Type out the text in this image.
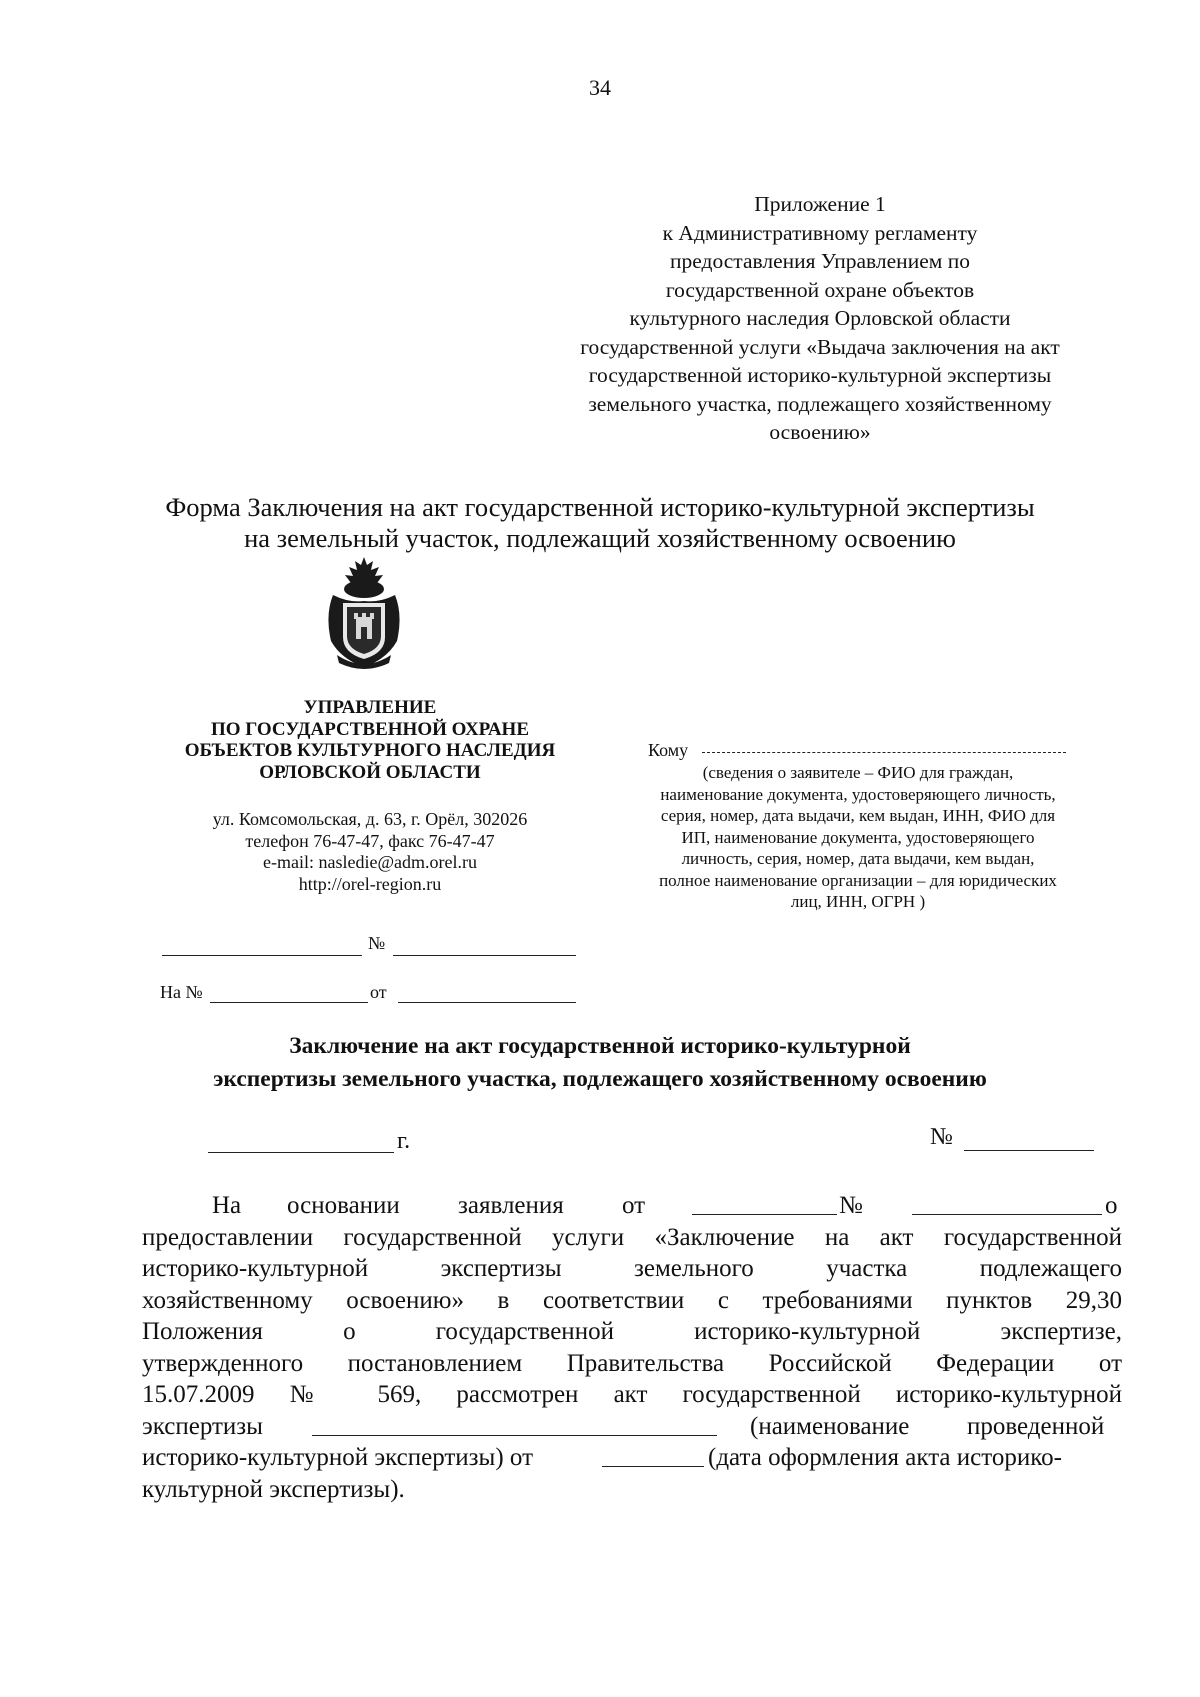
34
Приложение 1
к Административному регламенту
предоставления Управлением по
государственной охране объектов
культурного наследия Орловской области
государственной услуги «Выдача заключения на акт
государственной историко-культурной экспертизы
земельного участка, подлежащего хозяйственному
освоению»
Форма Заключения на акт государственной историко-культурной экспертизы
на земельный участок, подлежащий хозяйственному освоению
УПРАВЛЕНИЕ
ПО ГОСУДАРСТВЕННОЙ ОХРАНЕ
ОБЪЕКТОВ КУЛЬТУРНОГО НАСЛЕДИЯ
ОРЛОВСКОЙ ОБЛАСТИ
ул. Комсомольская, д. 63, г. Орёл, 302026
телефон 76-47-47, факс 76-47-47
e-mail: nasledie@adm.orel.ru
http://orel-region.ru
№
На №	от
Кому
(сведения о заявителе – ФИО для граждан,
наименование документа, удостоверяющего личность,
серия, номер, дата выдачи, кем выдан, ИНН, ФИО для
ИП, наименование документа, удостоверяющего
личность, серия, номер, дата выдачи, кем выдан,
полное наименование организации – для юридических
лиц, ИНН, ОГРН )
Заключение на акт государственной историко-культурной
экспертизы земельного участка, подлежащего хозяйственному освоению
г.	№
На основании заявления от	№	о
предоставлении государственной услуги «Заключение на акт государственной
историко-культурной экспертизы земельного участка подлежащего
хозяйственному освоению» в соответствии с требованиями пунктов 29,30
Положения о государственной историко-культурной экспертизе,
утвержденного постановлением Правительства Российской Федерации от
15.07.2009 № 569, рассмотрен акт государственной историко-культурной
экспертизы	(наименование проведенной
историко-культурной экспертизы) от	(дата оформления акта историко-
культурной экспертизы).
